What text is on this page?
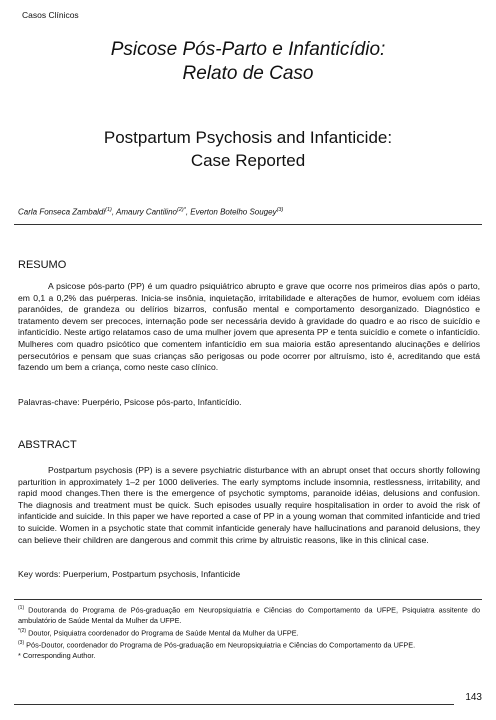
Casos Clínicos
Psicose Pós-Parto e Infanticídio:
Relato de Caso
Postpartum Psychosis and Infanticide:
Case Reported
Carla Fonseca Zambaldi$^{(1)}$, Amaury Cantilino$^{(2)*}$, Everton Botelho Sougey$^{(3)}$
RESUMO
A psicose pós-parto (PP) é um quadro psiquiátrico abrupto e grave que ocorre nos primeiros dias após o parto, em 0,1 a 0,2% das puérperas. Inicia-se insônia, inquietação, irritabilidade e alterações de humor, evoluem com idéias paranóides, de grandeza ou delírios bizarros, confusão mental e comportamento desorganizado. Diagnóstico e tratamento devem ser precoces, internação pode ser necessária devido à gravidade do quadro e ao risco de suicídio e infanticídio. Neste artigo relatamos caso de uma mulher jovem que apresenta PP e tenta suicídio e comete o infanticídio. Mulheres com quadro psicótico que comentem infanticídio em sua maioria estão apresentando alucinações e delírios persecutórios e pensam que suas crianças são perigosas ou pode ocorrer por altruísmo, isto é, acreditando que está fazendo um bem a criança, como neste caso clínico.
Palavras-chave: Puerpério, Psicose pós-parto, Infanticídio.
ABSTRACT
Postpartum psychosis (PP) is a severe psychiatric disturbance with an abrupt onset that occurs shortly following parturition in approximately 1–2 per 1000 deliveries. The early symptoms include insomnia, restlessness, irritability, and rapid mood changes.Then there is the emergence of psychotic symptoms, paranoide idéias, delusions and confusion. The diagnosis and treatment must be quick. Such episodes usually require hospitalisation in order to avoid the risk of infanticide and suicide. In this paper we have reported a case of PP in a young woman that commited infanticide and tried to suicide. Women in a psychotic state that commit infanticide generaly have hallucinations and paranoid delusions, they can believe their children are dangerous and commit this crime by altruistic reasons, like in this clinical case.
Key words: Puerperium, Postpartum psychosis, Infanticide
$^{(1)}$ Doutoranda do Programa de Pós-graduação em Neuropsiquiatria e Ciências do Comportamento da UFPE, Psiquiatra assitente do ambulatório de Saúde Mental da Mulher da UFPE.
$^{*(2)}$ Doutor, Psiquiatra coordenador do Programa de Saúde Mental da Mulher da UFPE.
$^{(3)}$ Pós-Doutor, coordenador do Programa de Pós-graduação em Neuropsiquiatria e Ciências do Comportamento da UFPE.
* Corresponding Author.
143
